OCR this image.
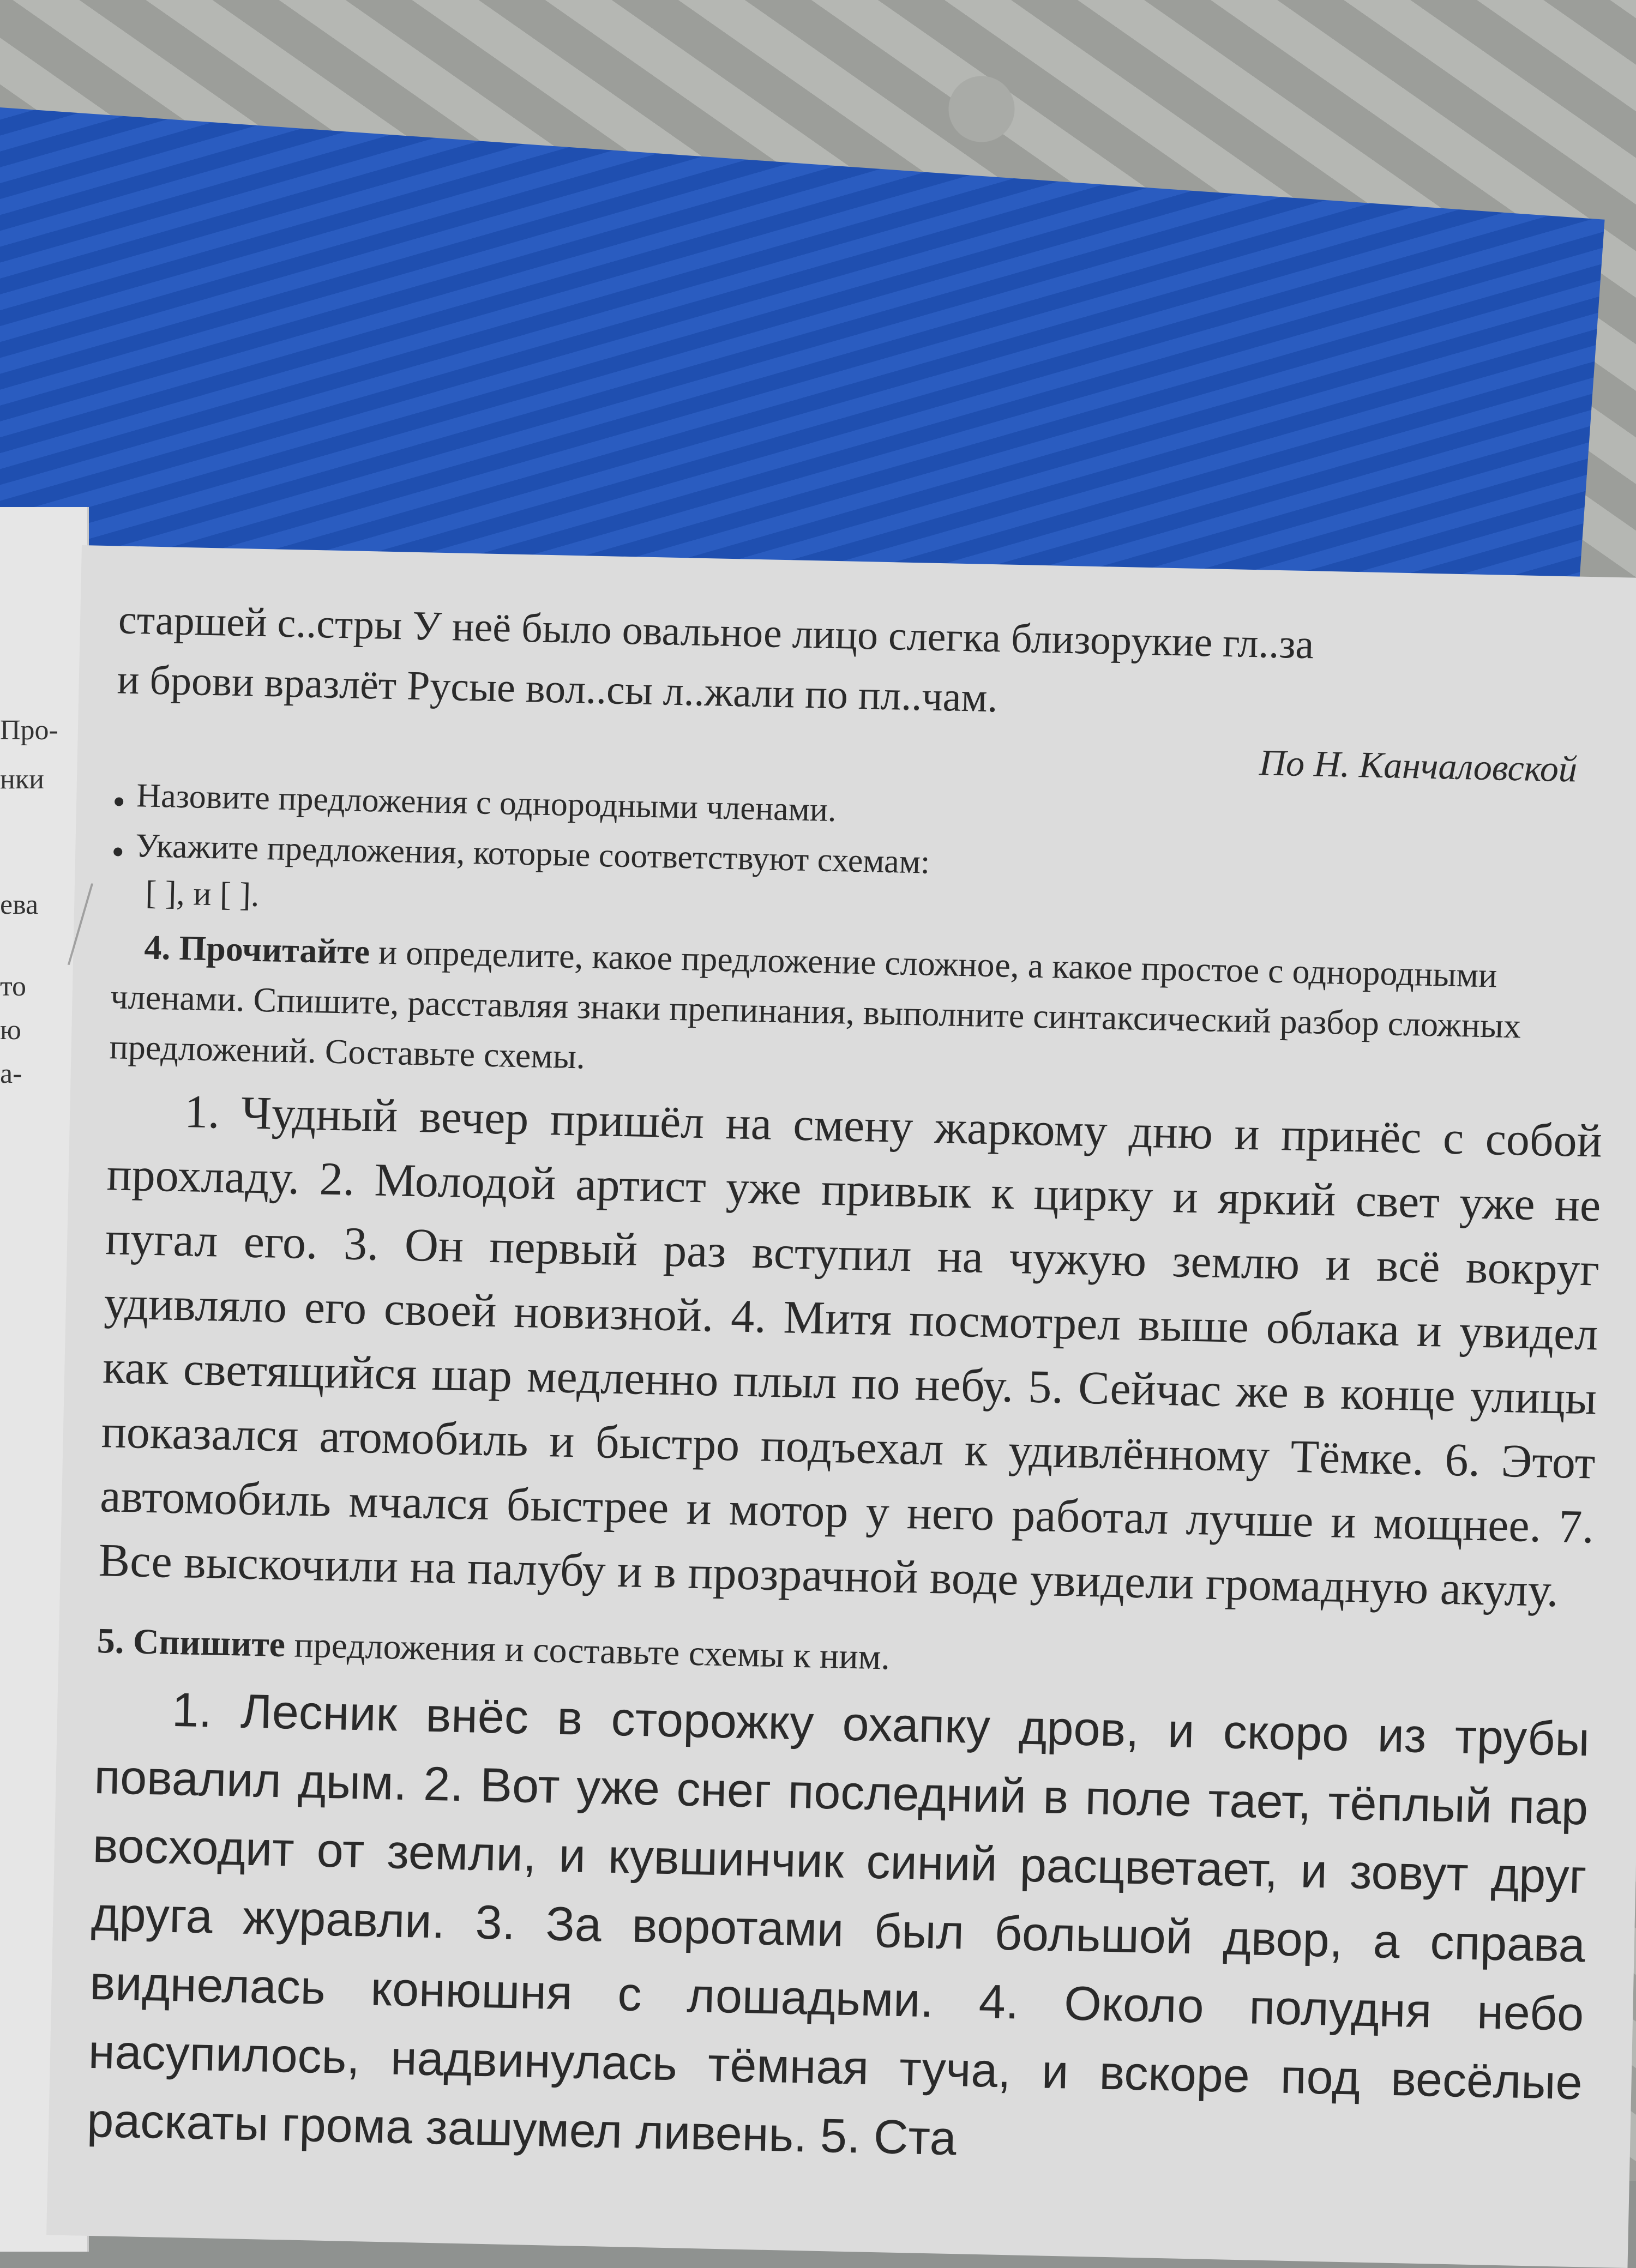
Про-
нки
ева
то
ю
а-
старшей с..стры У неё было овальное лицо слегка близорукие гл..за
и брови вразлёт Русые вол..сы л..жали по пл..чам.
По Н. Канчаловской
Назовите предложения с однородными членами.
Укажите предложения, которые соответствуют схемам:
[ ], и [ ].
4. Прочитайте и определите, какое предложение сложное, а какое простое с однородными членами. Спишите, расставляя знаки препинания, выполните синтаксический разбор сложных предложений. Составьте схемы.
1. Чудный вечер пришёл на смену жаркому дню и принёс с собой прохладу. 2. Молодой артист уже привык к цирку и яркий свет уже не пугал его. 3. Он первый раз вступил на чужую землю и всё вокруг удивляло его своей новизной. 4. Митя посмотрел выше облака и увидел как светящийся шар медленно плыл по небу. 5. Сейчас же в конце улицы показался атомобиль и быстро подъехал к удивлённому Тёмке. 6. Этот автомобиль мчался быстрее и мотор у него работал лучше и мощнее. 7. Все выскочили на палубу и в прозрачной воде увидели громадную акулу.
5. Спишите предложения и составьте схемы к ним.
1. Лесник внёс в сторожку охапку дров, и скоро из трубы повалил дым. 2. Вот уже снег последний в поле тает, тёплый пар восходит от земли, и кувшинчик синий расцветает, и зовут друг друга журавли. 3. За воротами был большой двор, а справа виднелась конюшня с лошадьми. 4. Около полудня небо насупилось, надвинулась тёмная туча, и вскоре под весёлые раскаты грома зашумел ливень. 5. Ста
